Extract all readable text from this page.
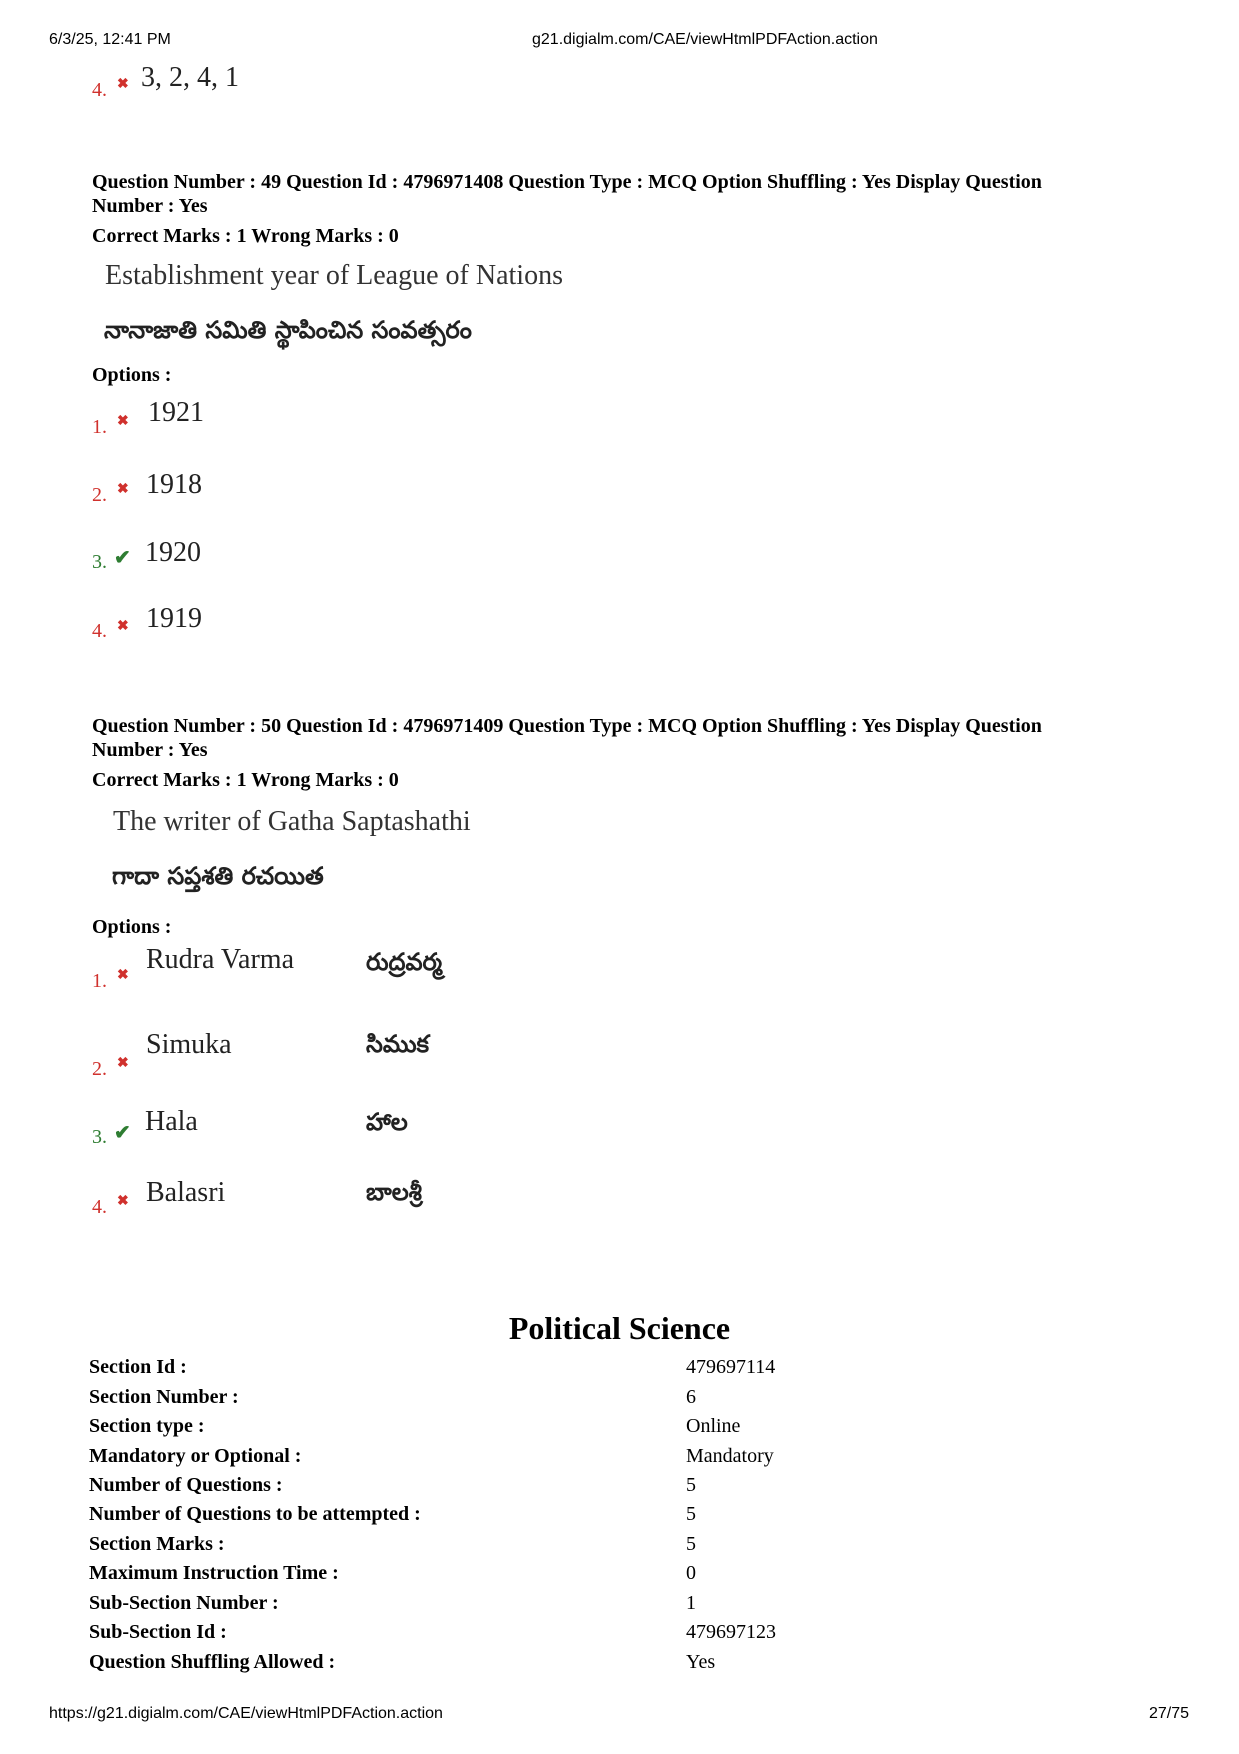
6/3/25, 12:41 PM	g21.digialm.com/CAE/viewHtmlPDFAction.action
4. ✖ 3, 2, 4, 1
Question Number : 49 Question Id : 4796971408 Question Type : MCQ Option Shuffling : Yes Display Question
Number : Yes
Correct Marks : 1 Wrong Marks : 0
Establishment year of League of Nations
నానాజాతి సమితి స్థాపించిన సంవత్సరం
Options :
1. ✖ 1921
2. ✖ 1918
3. ✔ 1920
4. ✖ 1919
Question Number : 50 Question Id : 4796971409 Question Type : MCQ Option Shuffling : Yes Display Question
Number : Yes
Correct Marks : 1 Wrong Marks : 0
The writer of Gatha Saptashathi
గాదా సప్తశతి రచయిత
Options :
1. ✖
Rudra Varma	రుద్రవర్మ
2. ✖
Simuka	సిముక
3. ✔ Hala	హాల
4. ✖ Balasri	బాలశ్రీ
Political Science
Section Id :	479697114
Section Number :	6
Section type :	Online
Mandatory or Optional :	Mandatory
Number of Questions :	5
Number of Questions to be attempted :	5
Section Marks :	5
Maximum Instruction Time :	0
Sub-Section Number :	1
Sub-Section Id :	479697123
Question Shuffling Allowed :	Yes
https://g21.digialm.com/CAE/viewHtmlPDFAction.action	27/75
